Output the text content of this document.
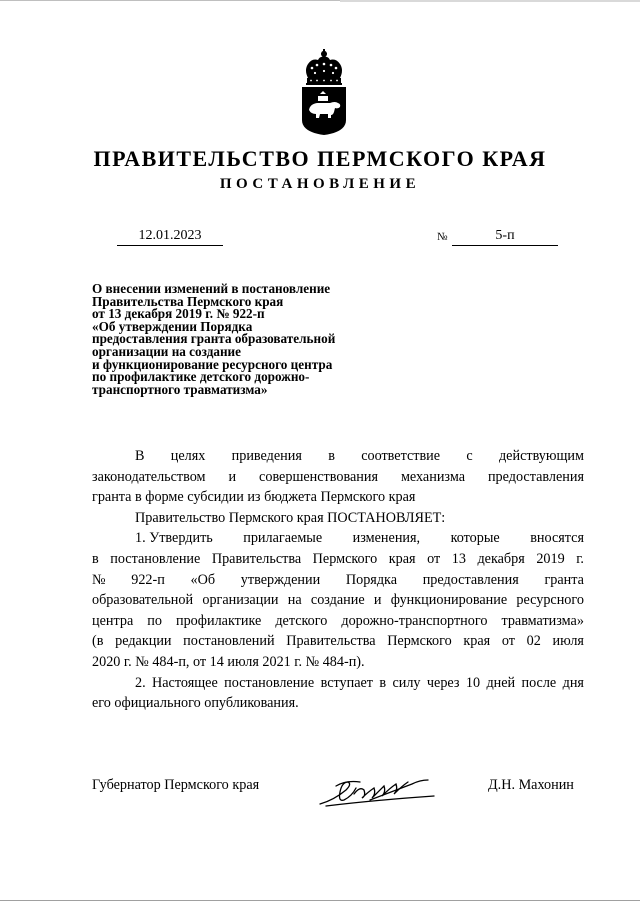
ПРАВИТЕЛЬСТВО ПЕРМСКОГО КРАЯ
ПОСТАНОВЛЕНИЕ
12.01.2023	№	5-п
О внесении изменений в постановление
Правительства Пермского края
от 13 декабря 2019 г. № 922-п
«Об утверждении Порядка
предоставления гранта образовательной
организации на создание
и функционирование ресурсного центра
по профилактике детского дорожно-
транспортного травматизма»

В целях приведения в соответствие с действующим

законодательством и совершенствования механизма предоставления

гранта в форме субсидии из бюджета Пермского края

Правительство Пермского края ПОСТАНОВЛЯЕТ:

1. Утвердить прилагаемые изменения, которые вносятся

в постановление Правительства Пермского края от 13 декабря 2019 г.

№ 922-п «Об утверждении Порядка предоставления гранта

образовательной организации на создание и функционирование ресурсного

центра по профилактике детского дорожно-транспортного травматизма»

(в редакции постановлений Правительства Пермского края от 02 июля

2020 г. № 484-п, от 14 июля 2021 г. № 484-п).

2. Настоящее постановление вступает в силу через 10 дней после дня

его официального опубликования.

Губернатор Пермского края	Д.Н. Махонин
